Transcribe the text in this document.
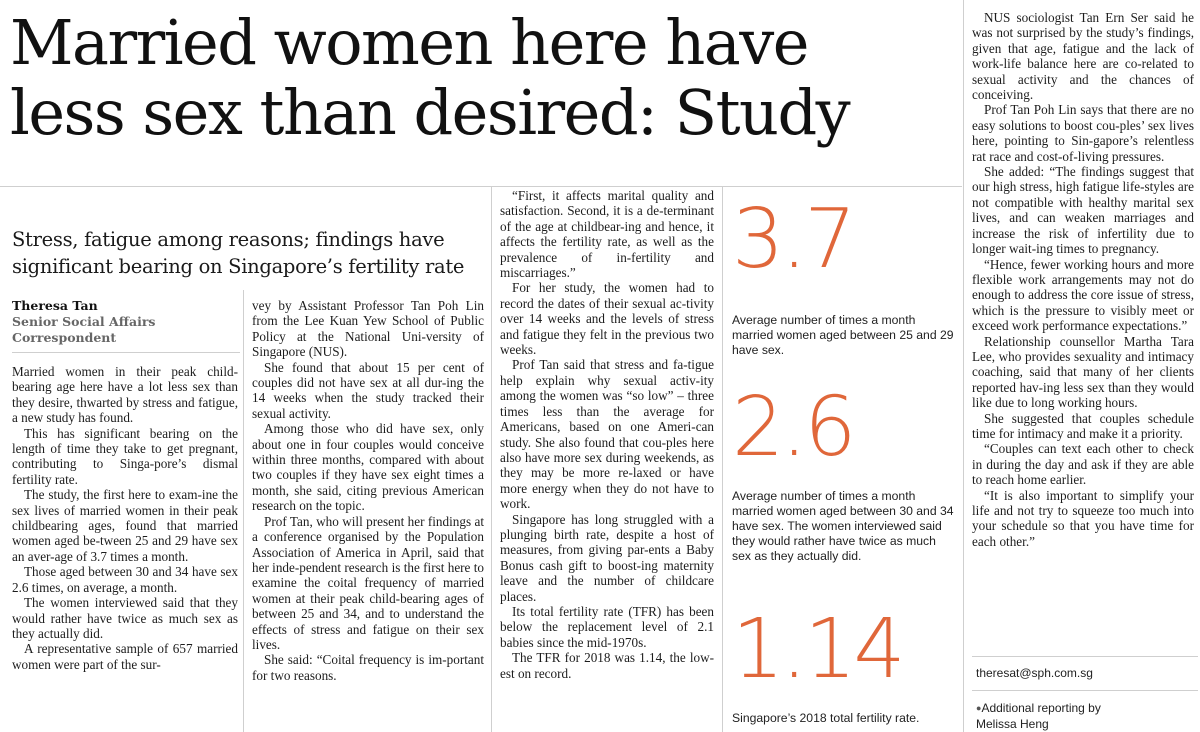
Married women here have
less sex than desired: Study
Stress, fatigue among reasons; findings have
significant bearing on Singapore’s fertility rate
Theresa Tan
Senior Social Affairs
Correspondent

Married women in their peak child-bearing age here have a lot less sex than they desire, thwarted by stress and fatigue, a new study has found.

This has significant bearing on the length of time they take to get pregnant, contributing to Singa-pore’s dismal fertility rate.

The study, the first here to exam-ine the sex lives of married women in their peak childbearing ages, found that married women aged be-tween 25 and 29 have sex an aver-age of 3.7 times a month.

Those aged between 30 and 34 have sex 2.6 times, on average, a month.

The women interviewed said that they would rather have twice as much sex as they actually did.

A representative sample of 657 married women were part of the sur-

vey by Assistant Professor Tan Poh Lin from the Lee Kuan Yew School of Public Policy at the National Uni-versity of Singapore (NUS).

She found that about 15 per cent of couples did not have sex at all dur-ing the 14 weeks when the study tracked their sexual activity.

Among those who did have sex, only about one in four couples would conceive within three months, compared with about two couples if they have sex eight times a month, she said, citing previous American research on the topic.

Prof Tan, who will present her findings at a conference organised by the Population Association of America in April, said that her inde-pendent research is the first here to examine the coital frequency of married women at their peak child-bearing ages of between 25 and 34, and to understand the effects of stress and fatigue on their sex lives.

She said: “Coital frequency is im-portant for two reasons.

“First, it affects marital quality and satisfaction. Second, it is a de-terminant of the age at childbear-ing and hence, it affects the fertility rate, as well as the prevalence of in-fertility and miscarriages.”

For her study, the women had to record the dates of their sexual ac-tivity over 14 weeks and the levels of stress and fatigue they felt in the previous two weeks.

Prof Tan said that stress and fa-tigue help explain why sexual activ-ity among the women was “so low” – three times less than the average for Americans, based on one Ameri-can study. She also found that cou-ples here also have more sex during weekends, as they may be more re-laxed or have more energy when they do not have to work.

Singapore has long struggled with a plunging birth rate, despite a host of measures, from giving par-ents a Baby Bonus cash gift to boost-ing maternity leave and the number of childcare places.

Its total fertility rate (TFR) has been below the replacement level of 2.1 babies since the mid-1970s.

The TFR for 2018 was 1.14, the low-est on record.

3.7
Average number of times a month married women aged between 25 and 29 have sex.
2.6
Average number of times a month married women aged between 30 and 34 have sex. The women interviewed said they would rather have twice as much sex as they actually did.
1.14
Singapore’s 2018 total fertility rate.

NUS sociologist Tan Ern Ser said he was not surprised by the study’s findings, given that age, fatigue and the lack of work-life balance here are co-related to sexual activity and the chances of conceiving.

Prof Tan Poh Lin says that there are no easy solutions to boost cou-ples’ sex lives here, pointing to Sin-gapore’s relentless rat race and cost-of-living pressures.

She added: “The findings suggest that our high stress, high fatigue life-styles are not compatible with healthy marital sex lives, and can weaken marriages and increase the risk of infertility due to longer wait-ing times to pregnancy.

“Hence, fewer working hours and more flexible work arrangements may not do enough to address the core issue of stress, which is the pressure to visibly meet or exceed work performance expectations.”

Relationship counsellor Martha Tara Lee, who provides sexuality and intimacy coaching, said that many of her clients reported hav-ing less sex than they would like due to long working hours.

She suggested that couples schedule time for intimacy and make it a priority.

“Couples can text each other to check in during the day and ask if they are able to reach home earlier.

“It is also important to simplify your life and not try to squeeze too much into your schedule so that you have time for each other.”

theresat@sph.com.sg
●Additional reporting by
Melissa Heng
